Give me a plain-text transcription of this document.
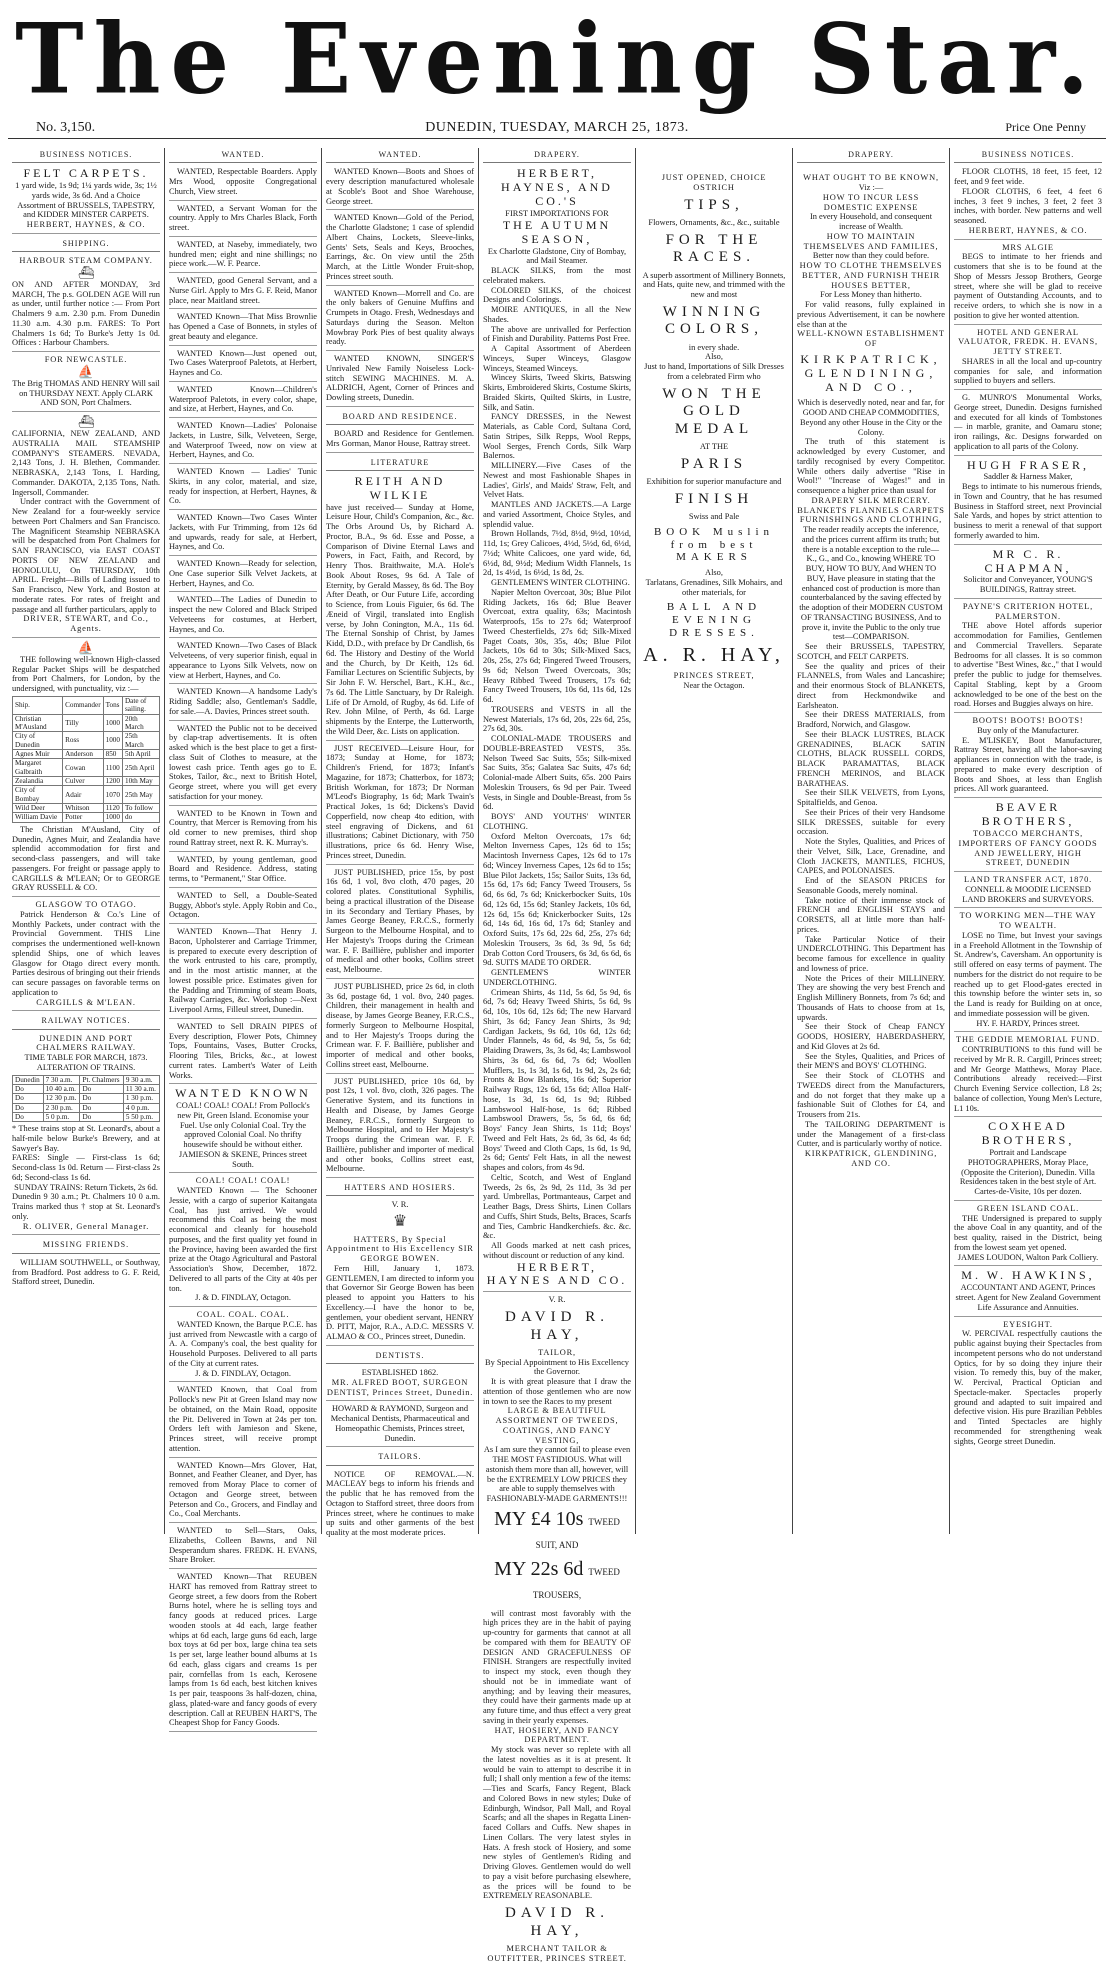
The Evening Star.
No. 3,150.	DUNEDIN, TUESDAY, MARCH 25, 1873.	Price One Penny
BUSINESS NOTICES.
FELT CARPETS.
1 yard wide, 1s 9d; 1¼ yards wide, 3s; 1½ yards wide, 3s 6d. And a Choice Assortment of BRUSSELS, TAPESTRY, and KIDDER MINSTER CARPETS.
HERBERT, HAYNES, & CO.
SHIPPING.
HARBOUR STEAM COMPANY.
⛴
ON AND AFTER MONDAY, 3rd MARCH, The p.s. GOLDEN AGE Will run as under, until further notice :— From Port Chalmers 9 a.m. 2.30 p.m. From Dunedin 11.30 a.m. 4.30 p.m. FARES: To Port Chalmers 1s 6d; To Burke's Jetty 1s 0d. Offices : Harbour Chambers.
FOR NEWCASTLE.
⛵
The Brig THOMAS AND HENRY Will sail on THURSDAY NEXT. Apply CLARK AND SON, Port Chalmers.
⛴
CALIFORNIA, NEW ZEALAND, AND AUSTRALIA MAIL STEAMSHIP COMPANY'S STEAMERS. NEVADA, 2,143 Tons, J. H. Blethen, Commander. NEBRASKA, 2,143 Tons, I. Harding, Commander. DAKOTA, 2,135 Tons, Nath. Ingersoll, Commander.
Under contract with the Government of New Zealand for a four-weekly service between Port Chalmers and San Francisco. The Magnificent Steamship NEBRASKA will be despatched from Port Chalmers for SAN FRANCISCO, via EAST COAST PORTS OF NEW ZEALAND and HONOLULU, On THURSDAY, 10th APRIL. Freight—Bills of Lading issued to San Francisco, New York, and Boston at moderate rates. For rates of freight and passage and all further particulars, apply to
DRIVER, STEWART, and Co., Agents.
⛵
THE following well-known High-classed Regular Packet Ships will be despatched from Port Chalmers, for London, by the undersigned, with punctuality, viz :—
Ship.	Commander	Tons	Date of sailing.
Christian M'Ausland	Tilly	1000	20th March
City of Dunedin	Ross	1000	25th March
Agnes Muir	Anderson	850	5th April
Margaret Galbraith	Cowan	1100	25th April
Zealandia	Culver	1200	10th May
City of Bombay	Adair	1070	25th May
Wild Deer	Whitson	1120	To follow
William Davie	Potter	1000	do
The Christian M'Ausland, City of Dunedin, Agnes Muir, and Zealandia have splendid accommodation for first and second-class passengers, and will take passengers. For freight or passage apply to CARGILLS & M'LEAN; Or to GEORGE GRAY RUSSELL & CO.
GLASGOW TO OTAGO.
Patrick Henderson & Co.'s Line of Monthly Packets, under contract with the Provincial Government. THIS Line comprises the undermentioned well-known splendid Ships, one of which leaves Glasgow for Otago direct every month. Parties desirous of bringing out their friends can secure passages on favorable terms on application to
CARGILLS & M'LEAN.
RAILWAY NOTICES.
DUNEDIN AND PORT CHALMERS RAILWAY.
TIME TABLE FOR MARCH, 1873.
ALTERATION OF TRAINS.
Dunedin	7 30 a.m.	Pt. Chalmers	9 30 a.m.
Do	10 40 a.m.	Do	11 30 a.m.
Do	12 30 p.m.	Do	1 30 p.m.
Do	2 30 p.m.	Do	4 0 p.m.
Do	5 0 p.m.	Do	5 50 p.m.
* These trains stop at St. Leonard's, about a half-mile below Burke's Brewery, and at Sawyer's Bay.
FARES: Single — First-class 1s 6d; Second-class 1s 0d. Return — First-class 2s 6d; Second-class 1s 6d.
SUNDAY TRAINS: Return Tickets, 2s 6d.
Dunedin 9 30 a.m.; Pt. Chalmers 10 0 a.m. Trains marked thus † stop at St. Leonard's only.
R. OLIVER, General Manager.
MISSING FRIENDS.
WILLIAM SOUTHWELL, or Southway, from Bradford. Post address to G. F. Reid, Stafford street, Dunedin.
WANTED.
WANTED, Respectable Boarders. Apply Mrs Wood, opposite Congregational Church, View street.
WANTED, a Servant Woman for the country. Apply to Mrs Charles Black, Forth street.
WANTED, at Naseby, immediately, two hundred men; eight and nine shillings; no piece work.—W. F. Pearce.
WANTED, good General Servant, and a Nurse Girl. Apply to Mrs G. F. Reid, Manor place, near Maitland street.
WANTED Known—That Miss Brownlie has Opened a Case of Bonnets, in styles of great beauty and elegance.
WANTED Known—Just opened out, Two Cases Waterproof Paletots, at Herbert, Haynes and Co.
WANTED Known—Children's Waterproof Paletots, in every color, shape, and size, at Herbert, Haynes, and Co.
WANTED Known—Ladies' Polonaise Jackets, in Lustre, Silk, Velveteen, Serge, and Waterproof Tweed, now on view at Herbert, Haynes, and Co.
WANTED Known — Ladies' Tunic Skirts, in any color, material, and size, ready for inspection, at Herbert, Haynes, & Co.
WANTED Known—Two Cases Winter Jackets, with Fur Trimming, from 12s 6d and upwards, ready for sale, at Herbert, Haynes, and Co.
WANTED Known—Ready for selection, One Case superior Silk Velvet Jackets, at Herbert, Haynes, and Co.
WANTED—The Ladies of Dunedin to inspect the new Colored and Black Striped Velveteens for costumes, at Herbert, Haynes, and Co.
WANTED Known—Two Cases of Black Velveteens, of very superior finish, equal in appearance to Lyons Silk Velvets, now on view at Herbert, Haynes, and Co.
WANTED Known—A handsome Lady's Riding Saddle; also, Gentleman's Saddle, for sale.—A. Davies, Princes street south.
WANTED the Public not to be deceived by clap-trap advertisements. It is often asked which is the best place to get a first-class Suit of Clothes to measure, at the lowest cash price. Tenth ages go to E. Stokes, Tailor, &c., next to British Hotel, George street, where you will get every satisfaction for your money.
WANTED to be Known in Town and Country, that Mercer is Removing from his old corner to new premises, third shop round Rattray street, next R. K. Murray's.
WANTED, by young gentleman, good Board and Residence. Address, stating terms, to "Permanent," Star Office.
WANTED to Sell, a Double-Seated Buggy, Abbot's style. Apply Robin and Co., Octagon.
WANTED Known—That Henry J. Bacon, Upholsterer and Carriage Trimmer, is prepared to execute every description of the work entrusted to his care, promptly, and in the most artistic manner, at the lowest possible price. Estimates given for the Padding and Trimming of steam Boats, Railway Carriages, &c. Workshop :—Next Liverpool Arms, Filleul street, Dunedin.
WANTED to Sell DRAIN PIPES of Every description, Flower Pots, Chimney Tops, Fountains, Vases, Butter Crocks, Flooring Tiles, Bricks, &c., at lowest current rates. Lambert's Water of Leith Works.
WANTED KNOWN
COAL! COAL! COAL! From Pollock's new Pit, Green Island. Economise your Fuel. Use only Colonial Coal. Try the approved Colonial Coal. No thrifty housewife should be without either. JAMIESON & SKENE, Princes street South.
COAL! COAL! COAL!
WANTED Known — The Schooner Jessie, with a cargo of superior Kaitangata Coal, has just arrived. We would recommend this Coal as being the most economical and cleanly for household purposes, and the first quality yet found in the Province, having been awarded the first prize at the Otago Agricultural and Pastoral Association's Show, December, 1872. Delivered to all parts of the City at 40s per ton.
J. & D. FINDLAY, Octagon.
COAL. COAL. COAL.
WANTED Known, the Barque P.C.E. has just arrived from Newcastle with a cargo of A. A. Company's coal, the best quality for Household Purposes. Delivered to all parts of the City at current rates.
J. & D. FINDLAY, Octagon.
WANTED Known, that Coal from Pollock's new Pit at Green Island may now be obtained, on the Main Road, opposite the Pit. Delivered in Town at 24s per ton. Orders left with Jamieson and Skene, Princes street, will receive prompt attention.
WANTED Known—Mrs Glover, Hat, Bonnet, and Feather Cleaner, and Dyer, has removed from Moray Place to corner of Octagon and George street, between Peterson and Co., Grocers, and Findlay and Co., Coal Merchants.
WANTED to Sell—Stars, Oaks, Elizabeths, Colleen Bawns, and Nil Desperandum shares. FREDK. H. EVANS, Share Broker.
WANTED Known—That REUBEN HART has removed from Rattray street to George street, a few doors from the Robert Burns hotel, where he is selling toys and fancy goods at reduced prices. Large wooden stools at 4d each, large feather whips at 6d each, large guns 6d each, large box toys at 6d per box, large china tea sets 1s per set, large leather bound albums at 1s 6d each, glass cigars and creams 1s per pair, cornfellas from 1s each, Kerosene lamps from 1s 6d each, best kitchen knives 1s per pair, teaspoons 3s half-dozen, china, glass, plated-ware and fancy goods of every description. Call at REUBEN HART'S, The Cheapest Shop for Fancy Goods.
WANTED.
WANTED Known—Boots and Shoes of every description manufactured wholesale at Scoble's Boot and Shoe Warehouse, George street.
WANTED Known—Gold of the Period, the Charlotte Gladstone; 1 case of splendid Albert Chains, Lockets, Sleeve-links, Gents' Sets, Seals and Keys, Brooches, Earrings, &c. On view until the 25th March, at the Little Wonder Fruit-shop, Princes street south.
WANTED Known—Morrell and Co. are the only bakers of Genuine Muffins and Crumpets in Otago. Fresh, Wednesdays and Saturdays during the Season. Melton Mowbray Pork Pies of best quality always ready.
WANTED KNOWN, SINGER'S Unrivaled New Family Noiseless Lock-stitch SEWING MACHINES. M. A. ALDRICH, Agent, Corner of Princes and Dowling streets, Dunedin.
BOARD AND RESIDENCE.
BOARD and Residence for Gentlemen. Mrs Gorman, Manor House, Rattray street.
LITERATURE
REITH AND WILKIE
have just received— Sunday at Home, Leisure Hour, Child's Companion, &c., &c. The Orbs Around Us, by Richard A. Proctor, B.A., 9s 6d. Esse and Posse, a Comparison of Divine Eternal Laws and Powers, in Fact, Faith, and Record, by Henry Thos. Braithwaite, M.A. Hole's Book About Roses, 9s 6d. A Tale of Eternity, by Gerald Massey, 8s 6d. The Boy After Death, or Our Future Life, according to Science, from Louis Figuier, 6s 6d. The Æneid of Virgil, translated into English verse, by John Conington, M.A., 11s 6d. The Eternal Sonship of Christ, by James Kidd, D.D., with preface by Dr Candlish, 6s 6d. The History and Destiny of the World and the Church, by Dr Keith, 12s 6d. Familiar Lectures on Scientific Subjects, by Sir John F. W. Herschel, Bart., K.H., &c., 7s 6d. The Little Sanctuary, by Dr Raleigh. Life of Dr Arnold, of Rugby, 4s 6d. Life of Rev. John Milne, of Perth, 4s 6d. Large shipments by the Enterpe, the Lutterworth, the Wild Deer, &c. Lists on application.
JUST RECEIVED—Leisure Hour, for 1873; Sunday at Home, for 1873; Children's Friend, for 1873; Infant's Magazine, for 1873; Chatterbox, for 1873; British Workman, for 1873; Dr Norman M'Leod's Biography, 1s 6d; Mark Twain's Practical Jokes, 1s 6d; Dickens's David Copperfield, now cheap 4to edition, with steel engraving of Dickens, and 61 illustrations; Cabinet Dictionary, with 750 illustrations, price 6s 6d. Henry Wise, Princes street, Dunedin.
JUST PUBLISHED, price 15s, by post 16s 6d, 1 vol, 8vo cloth, 470 pages, 20 colored plates. Constitutional Syphilis, being a practical illustration of the Disease in its Secondary and Tertiary Phases, by James George Beaney, F.R.C.S., formerly Surgeon to the Melbourne Hospital, and to Her Majesty's Troops during the Crimean war. F. F. Baillière, publisher and importer of medical and other books, Collins street east, Melbourne.
JUST PUBLISHED, price 2s 6d, in cloth 3s 6d, postage 6d, 1 vol. 8vo, 240 pages. Children, their management in health and disease, by James George Beaney, F.R.C.S., formerly Surgeon to Melbourne Hospital, and to Her Majesty's Troops during the Crimean war. F. F. Baillière, publisher and importer of medical and other books, Collins street east, Melbourne.
JUST PUBLISHED, price 10s 6d, by post 12s, 1 vol. 8vo, cloth, 326 pages. The Generative System, and its functions in Health and Disease, by James George Beaney, F.R.C.S., formerly Surgeon to Melbourne Hospital, and to Her Majesty's Troops during the Crimean war. F. F. Baillière, publisher and importer of medical and other books, Collins street east, Melbourne.
HATTERS AND HOSIERS.
V. R.
♛
HATTERS, By Special Appointment to His Excellency SIR GEORGE BOWEN.
Fern Hill, January 1, 1873. GENTLEMEN, I am directed to inform you that Governor Sir George Bowen has been pleased to appoint you Hatters to his Excellency.—I have the honor to be, gentlemen, your obedient servant, HENRY D. PITT, Major, R.A., A.D.C. MESSRS V. ALMAO & CO., Princes street, Dunedin.
DENTISTS.
ESTABLISHED 1862.
MR. ALFRED BOOT, SURGEON DENTIST, Princes Street, Dunedin.
HOWARD & RAYMOND, Surgeon and Mechanical Dentists, Pharmaceutical and Homeopathic Chemists, Princes street, Dunedin.
TAILORS.
NOTICE OF REMOVAL.—N. MACLEAY begs to inform his friends and the public that he has removed from the Octagon to Stafford street, three doors from Princes street, where he continues to make up suits and other garments of the best quality at the most moderate prices.
DRAPERY.
HERBERT, HAYNES, AND CO.'S
FIRST IMPORTATIONS FOR
THE AUTUMN SEASON,
Ex Charlotte Gladstone, City of Bombay, and Mail Steamer.
BLACK SILKS, from the most celebrated makers.
COLORED SILKS, of the choicest Designs and Colorings.
MOIRE ANTIQUES, in all the New Shades.
The above are unrivalled for Perfection of Finish and Durability. Patterns Post Free.
A Capital Assortment of Aberdeen Winceys, Super Winceys, Glasgow Winceys, Steamed Winceys.
Wincey Skirts, Tweed Skirts, Batswing Skirts, Embroidered Skirts, Costume Skirts, Braided Skirts, Quilted Skirts, in Lustre, Silk, and Satin.
FANCY DRESSES, in the Newest Materials, as Cable Cord, Sultana Cord, Satin Stripes, Silk Repps, Wool Repps, Wool Serges, French Cords, Silk Warp Balernos.
MILLINERY.—Five Cases of the Newest and most Fashionable Shapes in Ladies', Girls', and Maids' Straw, Felt, and Velvet Hats.
MANTLES AND JACKETS.—A Large and varied Assortment, Choice Styles, and splendid value.
Brown Hollands, 7½d, 8½d, 9½d, 10½d, 11d, 1s; Grey Calicoes, 4½d, 5½d, 6d, 6½d, 7½d; White Calicoes, one yard wide, 6d, 6½d, 8d, 9½d; Medium Width Flannels, 1s 2d, 1s 4½d, 1s 6½d, 1s 8d, 2s.
GENTLEMEN'S WINTER CLOTHING.
Napier Melton Overcoat, 30s; Blue Pilot Riding Jackets, 16s 6d; Blue Beaver Overcoat, extra quality, 63s; Macintosh Waterproofs, 15s to 27s 6d; Waterproof Tweed Chesterfields, 27s 6d; Silk-Mixed Paget Coats, 30s, 35s, 40s; Blue Pilot Jackets, 10s 6d to 30s; Silk-Mixed Sacs, 20s, 25s, 27s 6d; Fingered Tweed Trousers, 9s 6d; Nelson Tweed Overcoats, 30s; Heavy Ribbed Tweed Trousers, 17s 6d; Fancy Tweed Trousers, 10s 6d, 11s 6d, 12s 6d.
TROUSERS and VESTS in all the Newest Materials, 17s 6d, 20s, 22s 6d, 25s, 27s 6d, 30s.
COLONIAL-MADE TROUSERS and DOUBLE-BREASTED VESTS, 35s. Nelson Tweed Sac Suits, 55s; Silk-mixed Sac Suits, 35s; Galatea Sac Suits, 47s 6d; Colonial-made Albert Suits, 65s. 200 Pairs Moleskin Trousers, 6s 9d per Pair. Tweed Vests, in Single and Double-Breast, from 5s 6d.
BOYS' AND YOUTHS' WINTER CLOTHING.
Oxford Melton Overcoats, 17s 6d; Melton Inverness Capes, 12s 6d to 15s; Macintosh Inverness Capes, 12s 6d to 17s 6d; Wincey Inverness Capes, 12s 6d to 15s; Blue Pilot Jackets, 15s; Sailor Suits, 13s 6d, 15s 6d, 17s 6d; Fancy Tweed Trousers, 5s 6d, 6s 6d, 7s 6d; Knickerbocker Suits, 10s 6d, 12s 6d, 15s 6d; Stanley Jackets, 10s 6d, 12s 6d, 15s 6d; Knickerbocker Suits, 12s 6d, 14s 6d, 16s 6d, 17s 6d; Stanley and Oxford Suits, 17s 6d, 22s 6d, 25s, 27s 6d; Moleskin Trousers, 3s 6d, 3s 9d, 5s 6d; Drab Cotton Cord Trousers, 6s 3d, 6s 6d, 6s 9d. SUITS MADE TO ORDER.
GENTLEMEN'S WINTER UNDERCLOTHING.
Crimean Shirts, 4s 11d, 5s 6d, 5s 9d, 6s 6d, 7s 6d; Heavy Tweed Shirts, 5s 6d, 9s 6d, 10s, 10s 6d, 12s 6d; The new Harvard Shirt, 3s 6d; Fancy Jean Shirts, 3s 9d; Cardigan Jackets, 9s 6d, 10s 6d, 12s 6d; Under Flannels, 4s 6d, 4s 9d, 5s, 5s 6d; Plaiding Drawers, 3s, 3s 6d, 4s; Lambswool Shirts, 3s 6d, 6s 6d, 7s 6d; Woollen Mufflers, 1s, 1s 3d, 1s 6d, 1s 9d, 2s, 2s 6d; Fronts & Bow Blankets, 16s 6d; Superior Railway Rugs, 12s 6d, 15s 6d; Alloa Half-hose, 1s 3d, 1s 6d, 1s 9d; Ribbed Lambswool Half-hose, 1s 6d; Ribbed Lambswool Drawers, 5s, 5s 6d, 6s 6d; Boys' Fancy Jean Shirts, 1s 11d; Boys' Tweed and Felt Hats, 2s 6d, 3s 6d, 4s 6d; Boys' Tweed and Cloth Caps, 1s 6d, 1s 9d, 2s 6d; Gents' Felt Hats, in all the newest shapes and colors, from 4s 9d.
Celtic, Scotch, and West of England Tweeds, 2s 6s, 2s 9d, 2s 11d, 3s 3d per yard. Umbrellas, Portmanteaus, Carpet and Leather Bags, Dress Shirts, Linen Collars and Cuffs, Shirt Studs, Belts, Braces, Scarfs and Ties, Cambric Handkerchiefs. &c. &c. &c.
All Goods marked at nett cash prices, without discount or reduction of any kind.
HERBERT, HAYNES AND CO.
V. R.
DAVID R. HAY,
TAILOR,
By Special Appointment to His Excellency the Governor.
It is with great pleasure that I draw the attention of those gentlemen who are now in town to see the Races to my present
LARGE & BEAUTIFUL ASSORTMENT OF TWEEDS, COATINGS, AND FANCY VESTING,
As I am sure they cannot fail to please even THE MOST FASTIDIOUS. What will astonish them more than all, however, will be the EXTREMELY LOW PRICES they are able to supply themselves with FASHIONABLY-MADE GARMENTS!!!
MY £4 10s TWEED SUIT, AND
MY 22s 6d TWEED TROUSERS,
will contrast most favorably with the high prices they are in the habit of paying up-country for garments that cannot at all be compared with them for BEAUTY OF DESIGN AND GRACEFULNESS OF FINISH. Strangers are respectfully invited to inspect my stock, even though they should not be in immediate want of anything; and by leaving their measures, they could have their garments made up at any future time, and thus effect a very great saving in their yearly expenses.
HAT, HOSIERY, AND FANCY DEPARTMENT.
My stock was never so replete with all the latest novelties as it is at present. It would be vain to attempt to describe it in full; I shall only mention a few of the items:—Ties and Scarfs, Fancy Regent, Black and Colored Bows in new styles; Duke of Edinburgh, Windsor, Pall Mall, and Royal Scarfs; and all the shapes in Regatta Linen-faced Collars and Cuffs. New shapes in Linen Collars. The very latest styles in Hats. A fresh stock of Hosiery, and some new styles of Gentlemen's Riding and Driving Gloves. Gentlemen would do well to pay a visit before purchasing elsewhere, as the prices will be found to be EXTREMELY REASONABLE.
DAVID R. HAY,
MERCHANT TAILOR & OUTFITTER, PRINCES STREET.
JUST OPENED, CHOICE OSTRICH
TIPS,
Flowers, Ornaments, &c., &c., suitable
FOR THE RACES.
A superb assortment of Millinery Bonnets, and Hats, quite new, and trimmed with the new and most
WINNING COLORS,
in every shade.
Also,
Just to hand, Importations of Silk Dresses from a celebrated Firm who
WON THE GOLD MEDAL
AT THE
PARIS
Exhibition for superior manufacture and
FINISH
Swiss and Pale
BOOK Muslin from best MAKERS
Also,
Tarlatans, Grenadines, Silk Mohairs, and other materials, for
BALL AND EVENING DRESSES.
A. R. HAY,
PRINCES STREET,
Near the Octagon.
DRAPERY.
WHAT OUGHT TO BE KNOWN,
Viz :—
HOW TO INCUR LESS DOMESTIC EXPENSE
In every Household, and consequent increase of Wealth.
HOW TO MAINTAIN THEMSELVES AND FAMILIES,
Better now than they could before.
HOW TO CLOTHE THEMSELVES BETTER, AND FURNISH THEIR HOUSES BETTER,
For Less Money than hitherto.
For valid reasons, fully explained in previous Advertisement, it can be nowhere else than at the
WELL-KNOWN ESTABLISHMENT OF
KIRKPATRICK, GLENDINING, AND CO.,
Which is deservedly noted, near and far, for GOOD AND CHEAP COMMODITIES, Beyond any other House in the City or the Colony.
The truth of this statement is acknowledged by every Customer, and tardily recognised by every Competitor. While others daily advertise "Rise in Wool!" "Increase of Wages!" and in consequence a higher price than usual for
DRAPERY SILK MERCERY. BLANKETS FLANNELS CARPETS FURNISHINGS AND CLOTHING,
The reader readily accepts the inference, and the prices current affirm its truth; but there is a notable exception to the rule— K., G., and Co., knowing WHERE TO BUY, HOW TO BUY, And WHEN TO BUY, Have pleasure in stating that the enhanced cost of production is more than counterbalanced by the saving effected by the adoption of their MODERN CUSTOM OF TRANSACTING BUSINESS, And to prove it, invite the Public to the only true test—COMPARISON.
See their BRUSSELS, TAPESTRY, SCOTCH, and FELT CARPETS.
See the quality and prices of their FLANNELS, from Wales and Lancashire; and their enormous Stock of BLANKETS, direct from Heckmondwike and Earlsheaton.
See their DRESS MATERIALS, from Bradford, Norwich, and Glasgow.
See their BLACK LUSTRES, BLACK GRENADINES, BLACK SATIN CLOTHS, BLACK RUSSELL CORDS, BLACK PARAMATTAS, BLACK FRENCH MERINOS, and BLACK BARATHEAS.
See their SILK VELVETS, from Lyons, Spitalfields, and Genoa.
See their Prices of their very Handsome SILK DRESSES, suitable for every occasion.
Note the Styles, Qualities, and Prices of their Velvet, Silk, Lace, Grenadine, and Cloth JACKETS, MANTLES, FICHUS, CAPES, and POLONAISES.
End of the SEASON PRICES for Seasonable Goods, merely nominal.
Take notice of their immense stock of FRENCH and ENGLISH STAYS and CORSETS, all at little more than half-prices.
Take Particular Notice of their UNDERCLOTHING. This Department has become famous for excellence in quality and lowness of price.
Note the Prices of their MILLINERY. They are showing the very best French and English Millinery Bonnets, from 7s 6d; and Thousands of Hats to choose from at 1s, upwards.
See their Stock of Cheap FANCY GOODS, HOSIERY, HABERDASHERY, and Kid Gloves at 2s 6d.
See the Styles, Qualities, and Prices of their MEN'S and BOYS' CLOTHING.
See their Stock of CLOTHS and TWEEDS direct from the Manufacturers, and do not forget that they make up a fashionable Suit of Clothes for £4, and Trousers from 21s.
The TAILORING DEPARTMENT is under the Management of a first-class Cutter, and is particularly worthy of notice.
KIRKPATRICK, GLENDINING, AND CO.
BUSINESS NOTICES.
FLOOR CLOTHS, 18 feet, 15 feet, 12 feet, and 9 feet wide.
FLOOR CLOTHS, 6 feet, 4 feet 6 inches, 3 feet 9 inches, 3 feet, 2 feet 3 inches, with border. New patterns and well seasoned.
HERBERT, HAYNES, & CO.
MRS ALGIE
BEGS to intimate to her friends and customers that she is to be found at the Shop of Messrs Jessop Brothers, George street, where she will be glad to receive payment of Outstanding Accounts, and to receive orders, to which she is now in a position to give her wonted attention.
HOTEL AND GENERAL VALUATOR, FREDK. H. EVANS, JETTY STREET.
SHARES in all the local and up-country companies for sale, and information supplied to buyers and sellers.
G. MUNRO'S Monumental Works, George street, Dunedin. Designs furnished and executed for all kinds of Tombstones — in marble, granite, and Oamaru stone; iron railings, &c. Designs forwarded on application to all parts of the Colony.
HUGH FRASER,
Saddler & Harness Maker,
Begs to intimate to his numerous friends, in Town and Country, that he has resumed Business in Stafford street, next Provincial Sale Yards, and hopes by strict attention to business to merit a renewal of that support formerly awarded to him.
MR C. R. CHAPMAN,
Solicitor and Conveyancer, YOUNG'S BUILDINGS, Rattray street.
PAYNE'S CRITERION HOTEL, PALMERSTON.
THE above Hotel affords superior accommodation for Families, Gentlemen and Commercial Travellers. Separate Bedrooms for all classes. It is so common to advertise "Best Wines, &c.," that I would prefer the public to judge for themselves. Capital Stabling, kept by a Groom acknowledged to be one of the best on the road. Horses and Buggies always on hire.
BOOTS! BOOTS! BOOTS!
Buy only of the Manufacturer.
E. M'LISKEY, Boot Manufacturer, Rattray Street, having all the labor-saving appliances in connection with the trade, is prepared to make every description of Boots and Shoes, at less than English prices. All work guaranteed.
BEAVER BROTHERS,
TOBACCO MERCHANTS, IMPORTERS OF FANCY GOODS AND JEWELLERY, HIGH STREET, DUNEDIN
LAND TRANSFER ACT, 1870.
CONNELL & MOODIE LICENSED LAND BROKERS and SURVEYORS.
TO WORKING MEN—THE WAY TO WEALTH.
LOSE no Time, but Invest your savings in a Freehold Allotment in the Township of St. Andrew's, Caversham. An opportunity is still offered on easy terms of payment. The numbers for the district do not require to be reached up to get Flood-gates erected in this township before the winter sets in, so the Land is ready for Building on at once, and immediate possession will be given.
HY. F. HARDY, Princes street.
THE GEDDIE MEMORIAL FUND.
CONTRIBUTIONS to this fund will be received by Mr R. R. Cargill, Princes street; and Mr George Matthews, Moray Place. Contributions already received:—First Church Evening Service collection, L8 2s; balance of collection, Young Men's Lecture, L1 10s.
COXHEAD BROTHERS,
Portrait and Landscape PHOTOGRAPHERS, Moray Place, (Opposite the Criterion), Dunedin. Villa Residences taken in the best style of Art. Cartes-de-Visite, 10s per dozen.
GREEN ISLAND COAL.
THE Undersigned is prepared to supply the above Coal in any quantity, and of the best quality, raised in the District, being from the lowest seam yet opened.
JAMES LOUDON, Walton Park Colliery.
M. W. HAWKINS,
ACCOUNTANT AND AGENT, Princes street. Agent for New Zealand Government Life Assurance and Annuities.
EYESIGHT.
W. PERCIVAL respectfully cautions the public against buying their Spectacles from incompetent persons who do not understand Optics, for by so doing they injure their vision. To remedy this, buy of the maker, W. Percival, Practical Optician and Spectacle-maker. Spectacles properly ground and adapted to suit impaired and defective vision. His pure Brazilian Pebbles and Tinted Spectacles are highly recommended for strengthening weak sights, George street Dunedin.
